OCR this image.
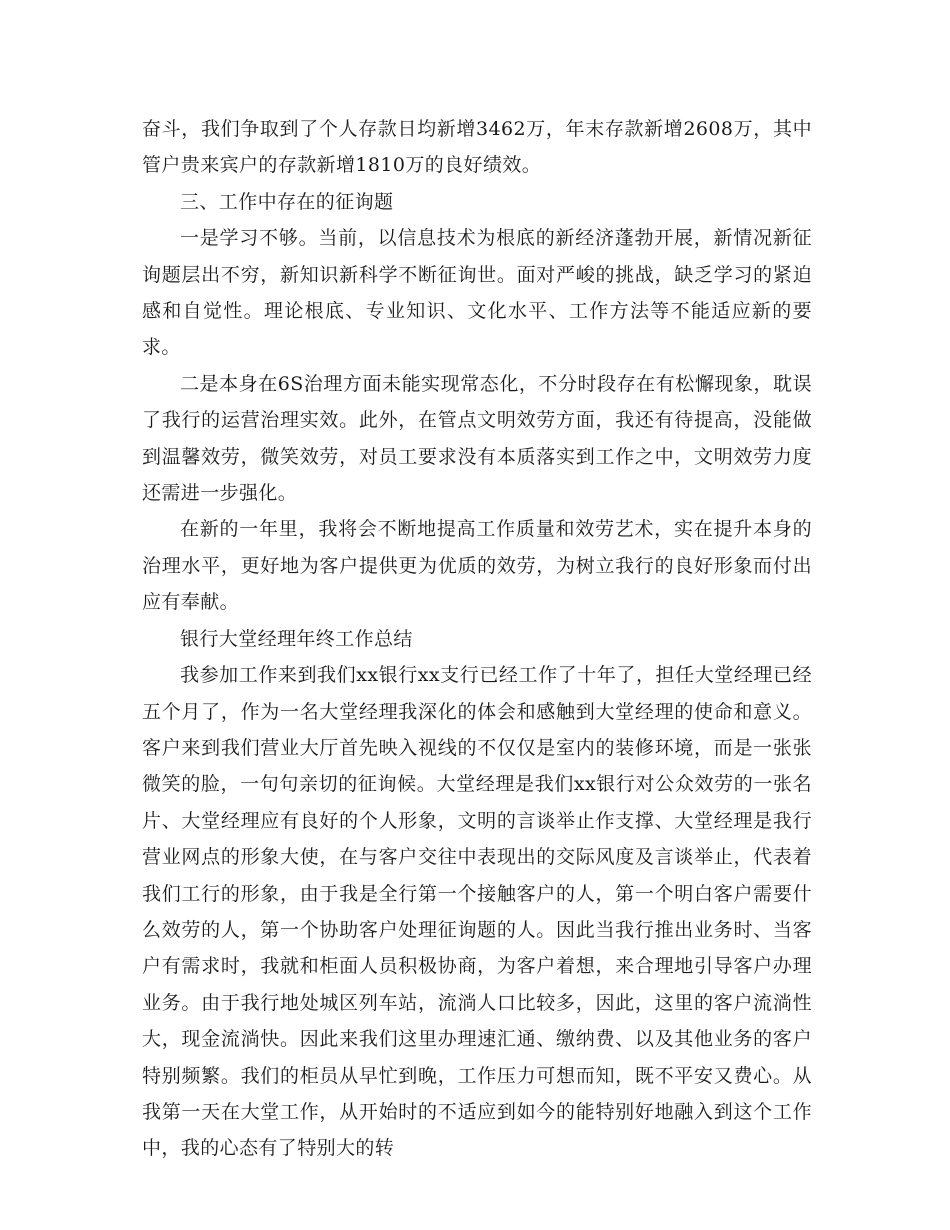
奋斗，我们争取到了个人存款日均新增3462万，年末存款新增2608万，其中管户贵来宾户的存款新增1810万的良好绩效。

三、工作中存在的征询题

一是学习不够。当前，以信息技术为根底的新经济蓬勃开展，新情况新征询题层出不穷，新知识新科学不断征询世。面对严峻的挑战，缺乏学习的紧迫感和自觉性。理论根底、专业知识、文化水平、工作方法等不能适应新的要求。

二是本身在6S治理方面未能实现常态化，不分时段存在有松懈现象，耽误了我行的运营治理实效。此外，在管点文明效劳方面，我还有待提高，没能做到温馨效劳，微笑效劳，对员工要求没有本质落实到工作之中，文明效劳力度还需进一步强化。

在新的一年里，我将会不断地提高工作质量和效劳艺术，实在提升本身的治理水平，更好地为客户提供更为优质的效劳，为树立我行的良好形象而付出应有奉献。

银行大堂经理年终工作总结

我参加工作来到我们xx银行xx支行已经工作了十年了，担任大堂经理已经五个月了，作为一名大堂经理我深化的体会和感触到大堂经理的使命和意义。客户来到我们营业大厅首先映入视线的不仅仅是室内的装修环境，而是一张张微笑的脸，一句句亲切的征询候。大堂经理是我们xx银行对公众效劳的一张名片、大堂经理应有良好的个人形象，文明的言谈举止作支撑、大堂经理是我行营业网点的形象大使，在与客户交往中表现出的交际风度及言谈举止，代表着我们工行的形象，由于我是全行第一个接触客户的人，第一个明白客户需要什么效劳的人，第一个协助客户处理征询题的人。因此当我行推出业务时、当客户有需求时，我就和柜面人员积极协商，为客户着想，来合理地引导客户办理业务。由于我行地处城区列车站，流淌人口比较多，因此，这里的客户流淌性大，现金流淌快。因此来我们这里办理速汇通、缴纳费、以及其他业务的客户特别频繁。我们的柜员从早忙到晚，工作压力可想而知，既不平安又费心。从我第一天在大堂工作，从开始时的不适应到如今的能特别好地融入到这个工作中，我的心态有了特别大的转
